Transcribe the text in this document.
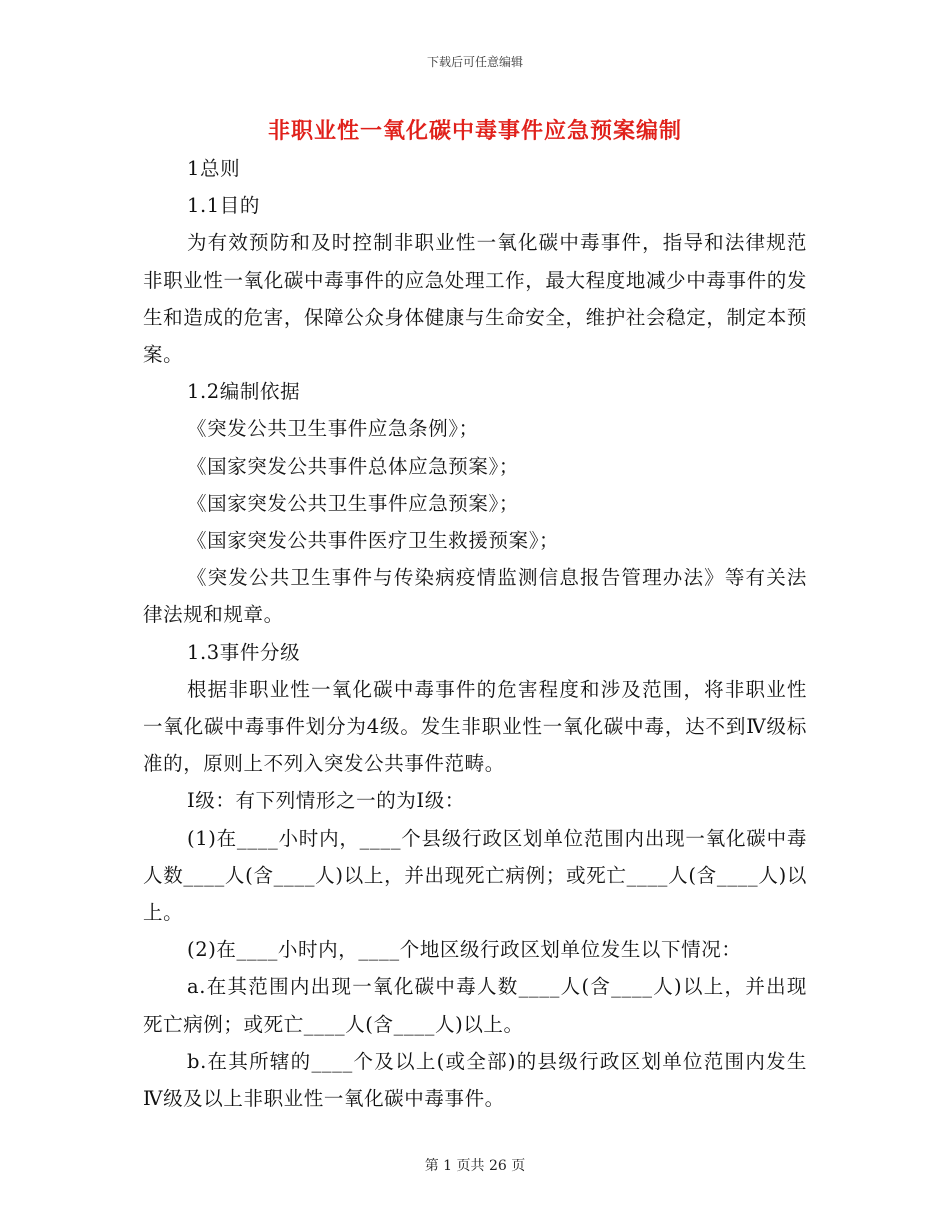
下载后可任意编辑
非职业性一氧化碳中毒事件应急预案编制

1总则

1.1目的

为有效预防和及时控制非职业性一氧化碳中毒事件，指导和法律规范非职业性一氧化碳中毒事件的应急处理工作，最大程度地减少中毒事件的发生和造成的危害，保障公众身体健康与生命安全，维护社会稳定，制定本预案。

1.2编制依据

《突发公共卫生事件应急条例》；

《国家突发公共事件总体应急预案》；

《国家突发公共卫生事件应急预案》；

《国家突发公共事件医疗卫生救援预案》；

《突发公共卫生事件与传染病疫情监测信息报告管理办法》等有关法律法规和规章。

1.3事件分级

根据非职业性一氧化碳中毒事件的危害程度和涉及范围，将非职业性一氧化碳中毒事件划分为4级。发生非职业性一氧化碳中毒，达不到Ⅳ级标准的，原则上不列入突发公共事件范畴。

Ⅰ级：有下列情形之一的为Ⅰ级：

(1)在____小时内，____个县级行政区划单位范围内出现一氧化碳中毒人数____人(含____人)以上，并出现死亡病例；或死亡____人(含____人)以上。

(2)在____小时内，____个地区级行政区划单位发生以下情况：

a.在其范围内出现一氧化碳中毒人数____人(含____人)以上，并出现死亡病例；或死亡____人(含____人)以上。

b.在其所辖的____个及以上(或全部)的县级行政区划单位范围内发生Ⅳ级及以上非职业性一氧化碳中毒事件。

第 1 页共 26 页
